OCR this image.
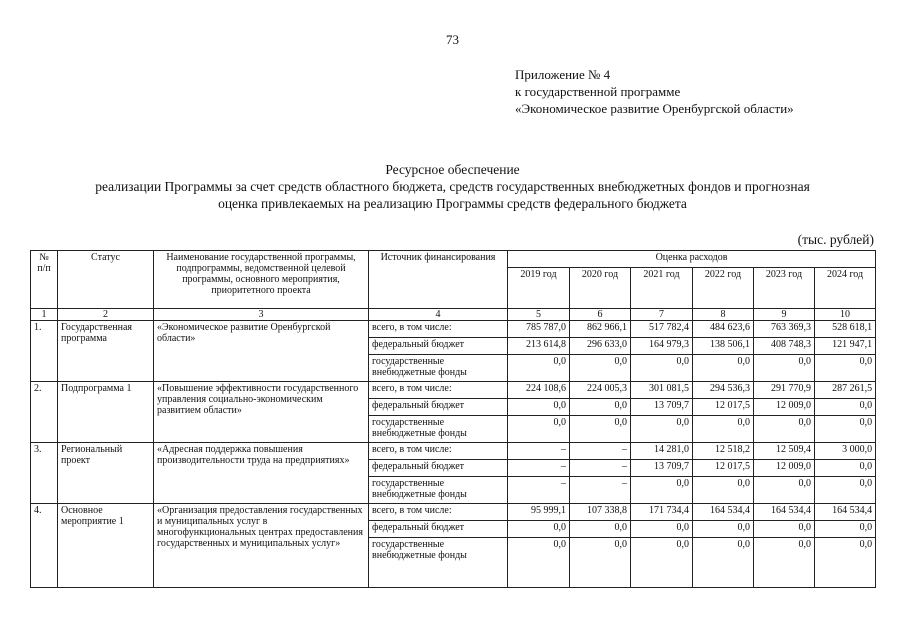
73
Приложение № 4
к государственной программе
«Экономическое развитие Оренбургской области»
Ресурсное обеспечение
реализации Программы за счет средств областного бюджета, средств государственных внебюджетных фондов и прогнозная
оценка привлекаемых на реализацию Программы средств федерального бюджета
(тыс. рублей)
№ п/п	Статус	Наименование государственной программы, подпрограммы, ведомственной целевой программы, основного мероприятия, приоритетного проекта	Источник финансирования	Оценка расходов					
				2019 год	2020 год	2021 год	2022 год	2023 год	2024 год
1	2	3	4	5	6	7	8	9	10
1.	Государственная программа	«Экономическое развитие Оренбургской области»	всего, в том числе:	785 787,0	862 966,1	517 782,4	484 623,6	763 369,3	528 618,1
			федеральный бюджет	213 614,8	296 633,0	164 979,3	138 506,1	408 748,3	121 947,1
			государственные внебюджетные фонды	0,0	0,0	0,0	0,0	0,0	0,0
2.	Подпрограмма 1	«Повышение эффективности государственного управления социально-экономическим развитием области»	всего, в том числе:	224 108,6	224 005,3	301 081,5	294 536,3	291 770,9	287 261,5
			федеральный бюджет	0,0	0,0	13 709,7	12 017,5	12 009,0	0,0
			государственные внебюджетные фонды	0,0	0,0	0,0	0,0	0,0	0,0
3.	Региональный проект	«Адресная поддержка повышения производительности труда на предприятиях»	всего, в том числе:	–	–	14 281,0	12 518,2	12 509,4	3 000,0
			федеральный бюджет	–	–	13 709,7	12 017,5	12 009,0	0,0
			государственные внебюджетные фонды	–	–	0,0	0,0	0,0	0,0
4.	Основное мероприятие 1	«Организация предоставления государственных и муниципальных услуг в многофункциональных центрах предоставления государственных и муниципальных услуг»	всего, в том числе:	95 999,1	107 338,8	171 734,4	164 534,4	164 534,4	164 534,4
			федеральный бюджет	0,0	0,0	0,0	0,0	0,0	0,0
			государственные внебюджетные фонды	0,0	0,0	0,0	0,0	0,0	0,0
